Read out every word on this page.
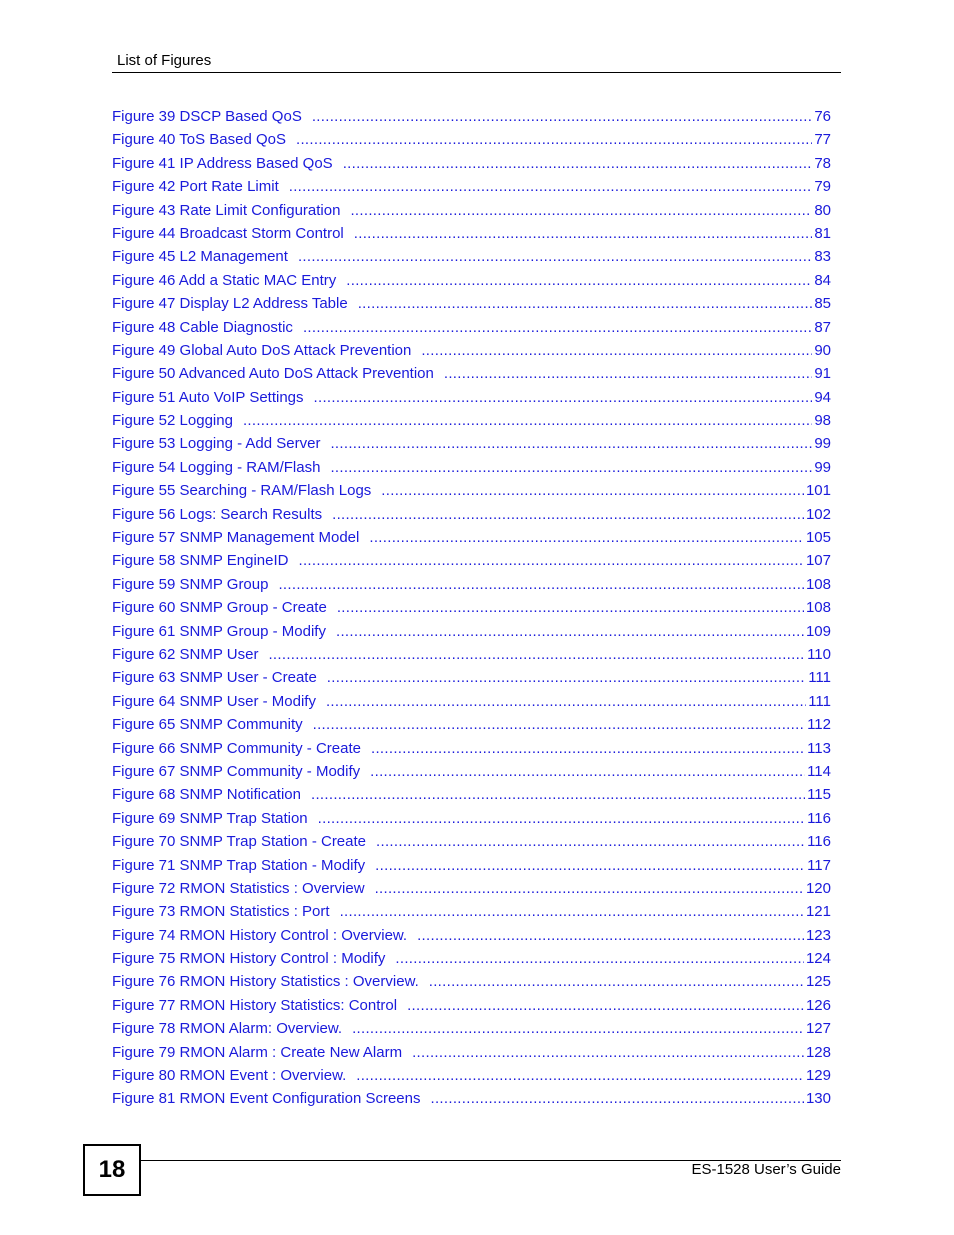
List of Figures
Figure 39 DSCP Based QoS .....	76
Figure 40 ToS Based QoS .....	77
Figure 41 IP Address Based QoS .....	78
Figure 42 Port Rate Limit .....	79
Figure 43 Rate Limit Configuration .....	80
Figure 44 Broadcast Storm Control .....	81
Figure 45 L2 Management .....	83
Figure 46 Add a Static MAC Entry .....	84
Figure 47 Display L2 Address Table .....	85
Figure 48 Cable Diagnostic .....	87
Figure 49 Global Auto DoS Attack Prevention .....	90
Figure 50 Advanced Auto DoS Attack Prevention .....	91
Figure 51 Auto VoIP Settings .....	94
Figure 52 Logging .....	98
Figure 53 Logging - Add Server .....	99
Figure 54 Logging - RAM/Flash .....	99
Figure 55 Searching - RAM/Flash Logs .....	101
Figure 56 Logs: Search Results .....	102
Figure 57 SNMP Management Model .....	105
Figure 58 SNMP EngineID .....	107
Figure 59 SNMP Group .....	108
Figure 60 SNMP Group - Create .....	108
Figure 61 SNMP Group - Modify .....	109
Figure 62 SNMP User .....	110
Figure 63 SNMP User - Create .....	111
Figure 64 SNMP User - Modify .....	111
Figure 65 SNMP Community .....	112
Figure 66 SNMP Community - Create .....	113
Figure 67 SNMP Community - Modify .....	114
Figure 68 SNMP Notification .....	115
Figure 69 SNMP Trap Station .....	116
Figure 70 SNMP Trap Station - Create .....	116
Figure 71 SNMP Trap Station - Modify .....	117
Figure 72 RMON Statistics : Overview .....	120
Figure 73 RMON Statistics : Port .....	121
Figure 74 RMON History Control : Overview. .....	123
Figure 75 RMON History Control : Modify .....	124
Figure 76 RMON History Statistics : Overview. .....	125
Figure 77 RMON History Statistics: Control .....	126
Figure 78 RMON Alarm: Overview. .....	127
Figure 79 RMON Alarm : Create New Alarm .....	128
Figure 80 RMON Event : Overview. .....	129
Figure 81 RMON Event Configuration Screens .....	130
18	ES-1528 User’s Guide
